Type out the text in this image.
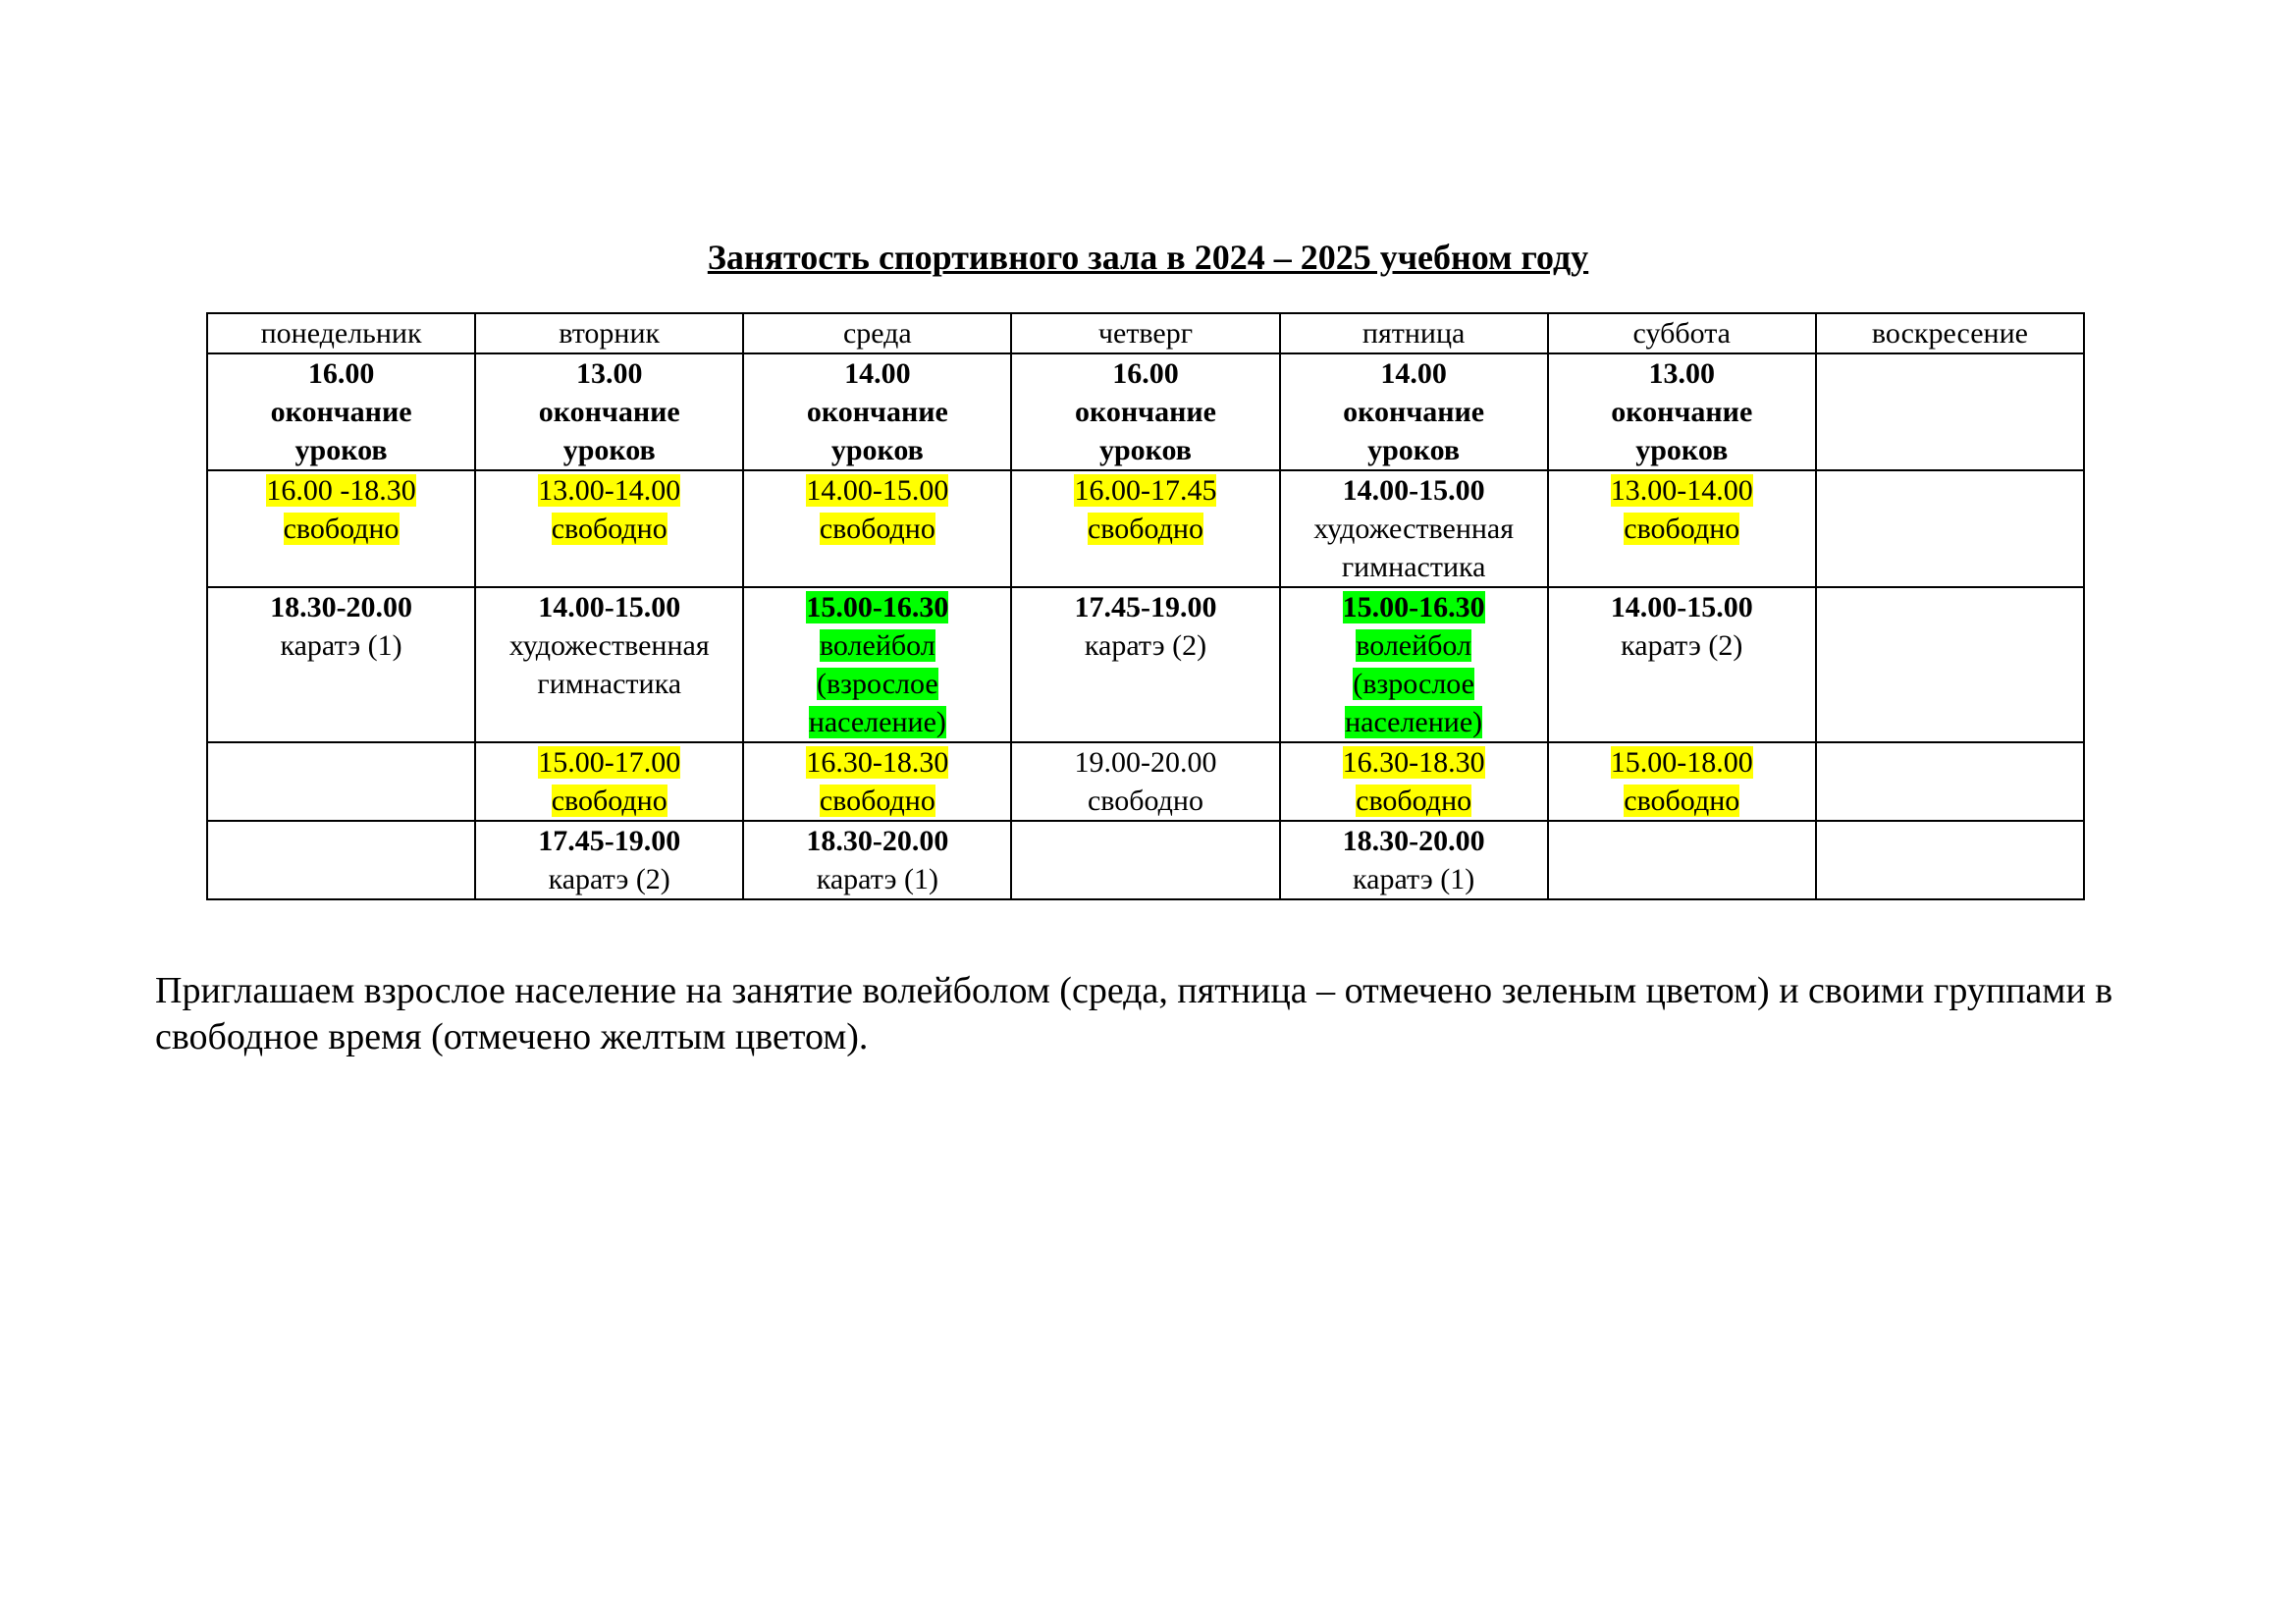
Занятость спортивного зала в 2024 – 2025 учебном году
понедельник	вторник	среда	четверг	пятница	суббота	воскресение

16.00
окончание
уроков	13.00
окончание
уроков	14.00
окончание
уроков	16.00
окончание
уроков	14.00
окончание
уроков	13.00
окончание
уроков	

16.00 -18.30
свободно	13.00-14.00
свободно	14.00-15.00
свободно	16.00-17.45
свободно	14.00-15.00
художественная
гимнастика	13.00-14.00
свободно	

18.30-20.00
каратэ (1)	14.00-15.00
художественная
гимнастика	15.00-16.30
волейбол
(взрослое
население)	17.45-19.00
каратэ (2)	15.00-16.30
волейбол
(взрослое
население)	14.00-15.00
каратэ (2)	

	15.00-17.00
свободно	16.30-18.30
свободно	19.00-20.00
свободно	16.30-18.30
свободно	15.00-18.00
свободно	

	17.45-19.00
каратэ (2)	18.30-20.00
каратэ (1)		18.30-20.00
каратэ (1)		

Приглашаем взрослое население на занятие волейболом (среда, пятница – отмечено зеленым цветом) и своими группами в свободное время (отмечено желтым цветом).
